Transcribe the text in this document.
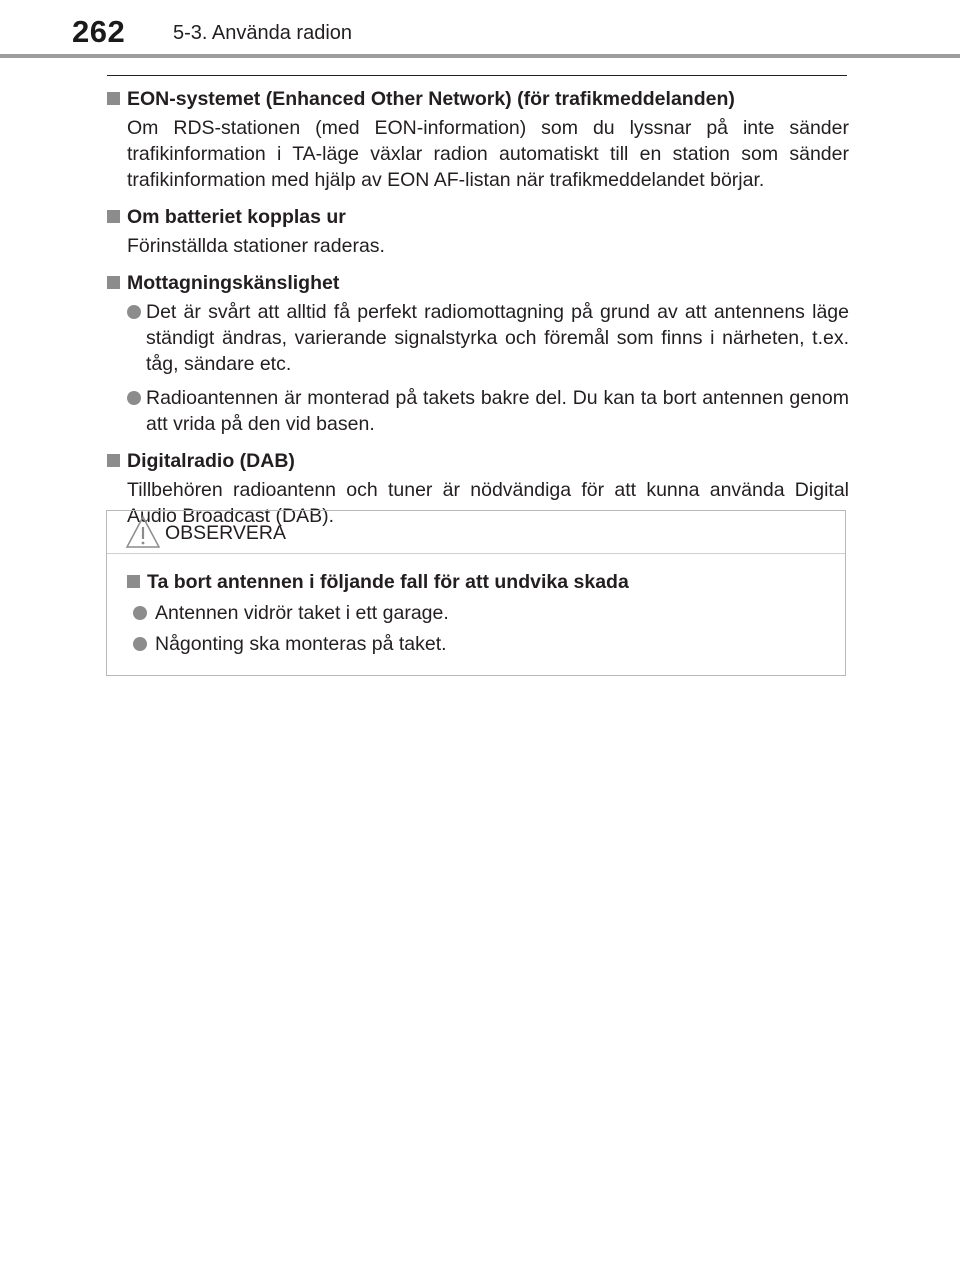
262 5-3. Använda radion
EON-systemet (Enhanced Other Network) (för trafikmeddelanden)
Om RDS-stationen (med EON-information) som du lyssnar på inte sänder trafikinformation i TA-läge växlar radion automatiskt till en station som sänder trafikinformation med hjälp av EON AF-listan när trafikmeddelandet börjar.
Om batteriet kopplas ur
Förinställda stationer raderas.
Mottagningskänslighet
Det är svårt att alltid få perfekt radiomottagning på grund av att antennens läge ständigt ändras, varierande signalstyrka och föremål som finns i närheten, t.ex. tåg, sändare etc.
Radioantennen är monterad på takets bakre del. Du kan ta bort antennen genom att vrida på den vid basen.
Digitalradio (DAB)
Tillbehören radioantenn och tuner är nödvändiga för att kunna använda Digital Audio Broadcast (DAB).
OBSERVERA
Ta bort antennen i följande fall för att undvika skada
Antennen vidrör taket i ett garage.
Någonting ska monteras på taket.
